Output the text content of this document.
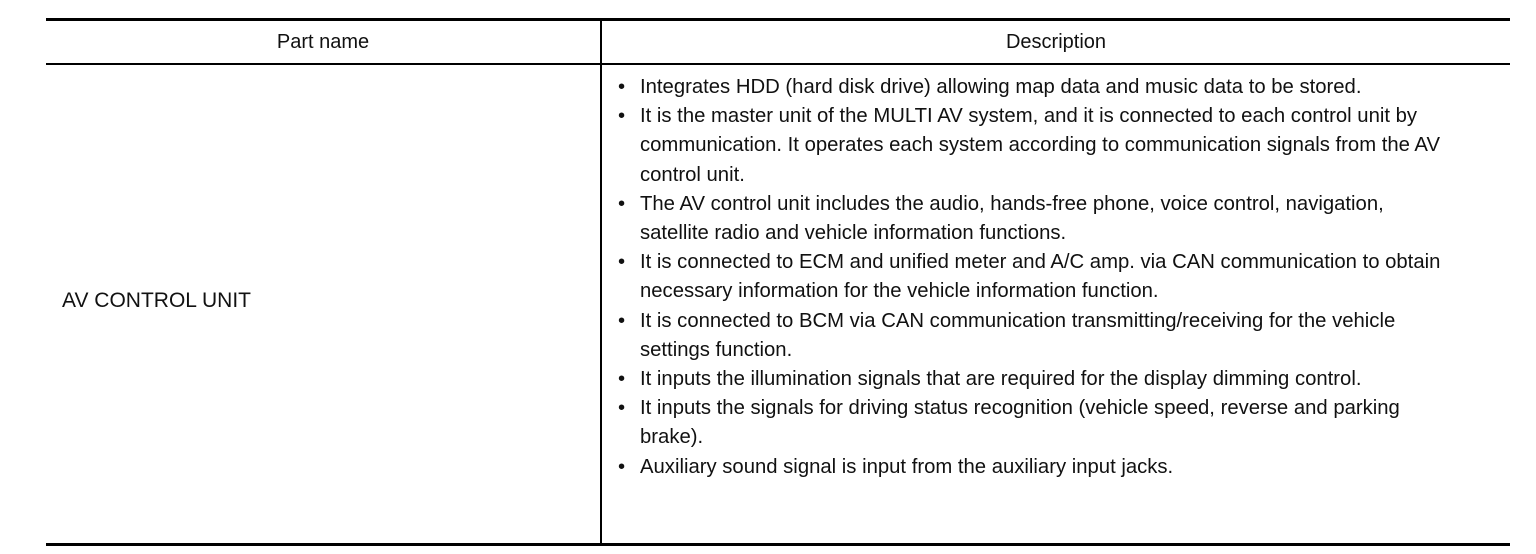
Part name	Description
AV CONTROL UNIT
• Integrates HDD (hard disk drive) allowing map data and music data to be stored.
• It is the master unit of the MULTI AV system, and it is connected to each control unit by communication. It operates each system according to communication signals from the AV control unit.
• The AV control unit includes the audio, hands-free phone, voice control, navigation, satellite radio and vehicle information functions.
• It is connected to ECM and unified meter and A/C amp. via CAN communication to obtain necessary information for the vehicle information function.
• It is connected to BCM via CAN communication transmitting/receiving for the vehicle settings function.
• It inputs the illumination signals that are required for the display dimming control.
• It inputs the signals for driving status recognition (vehicle speed, reverse and parking brake).
• Auxiliary sound signal is input from the auxiliary input jacks.
